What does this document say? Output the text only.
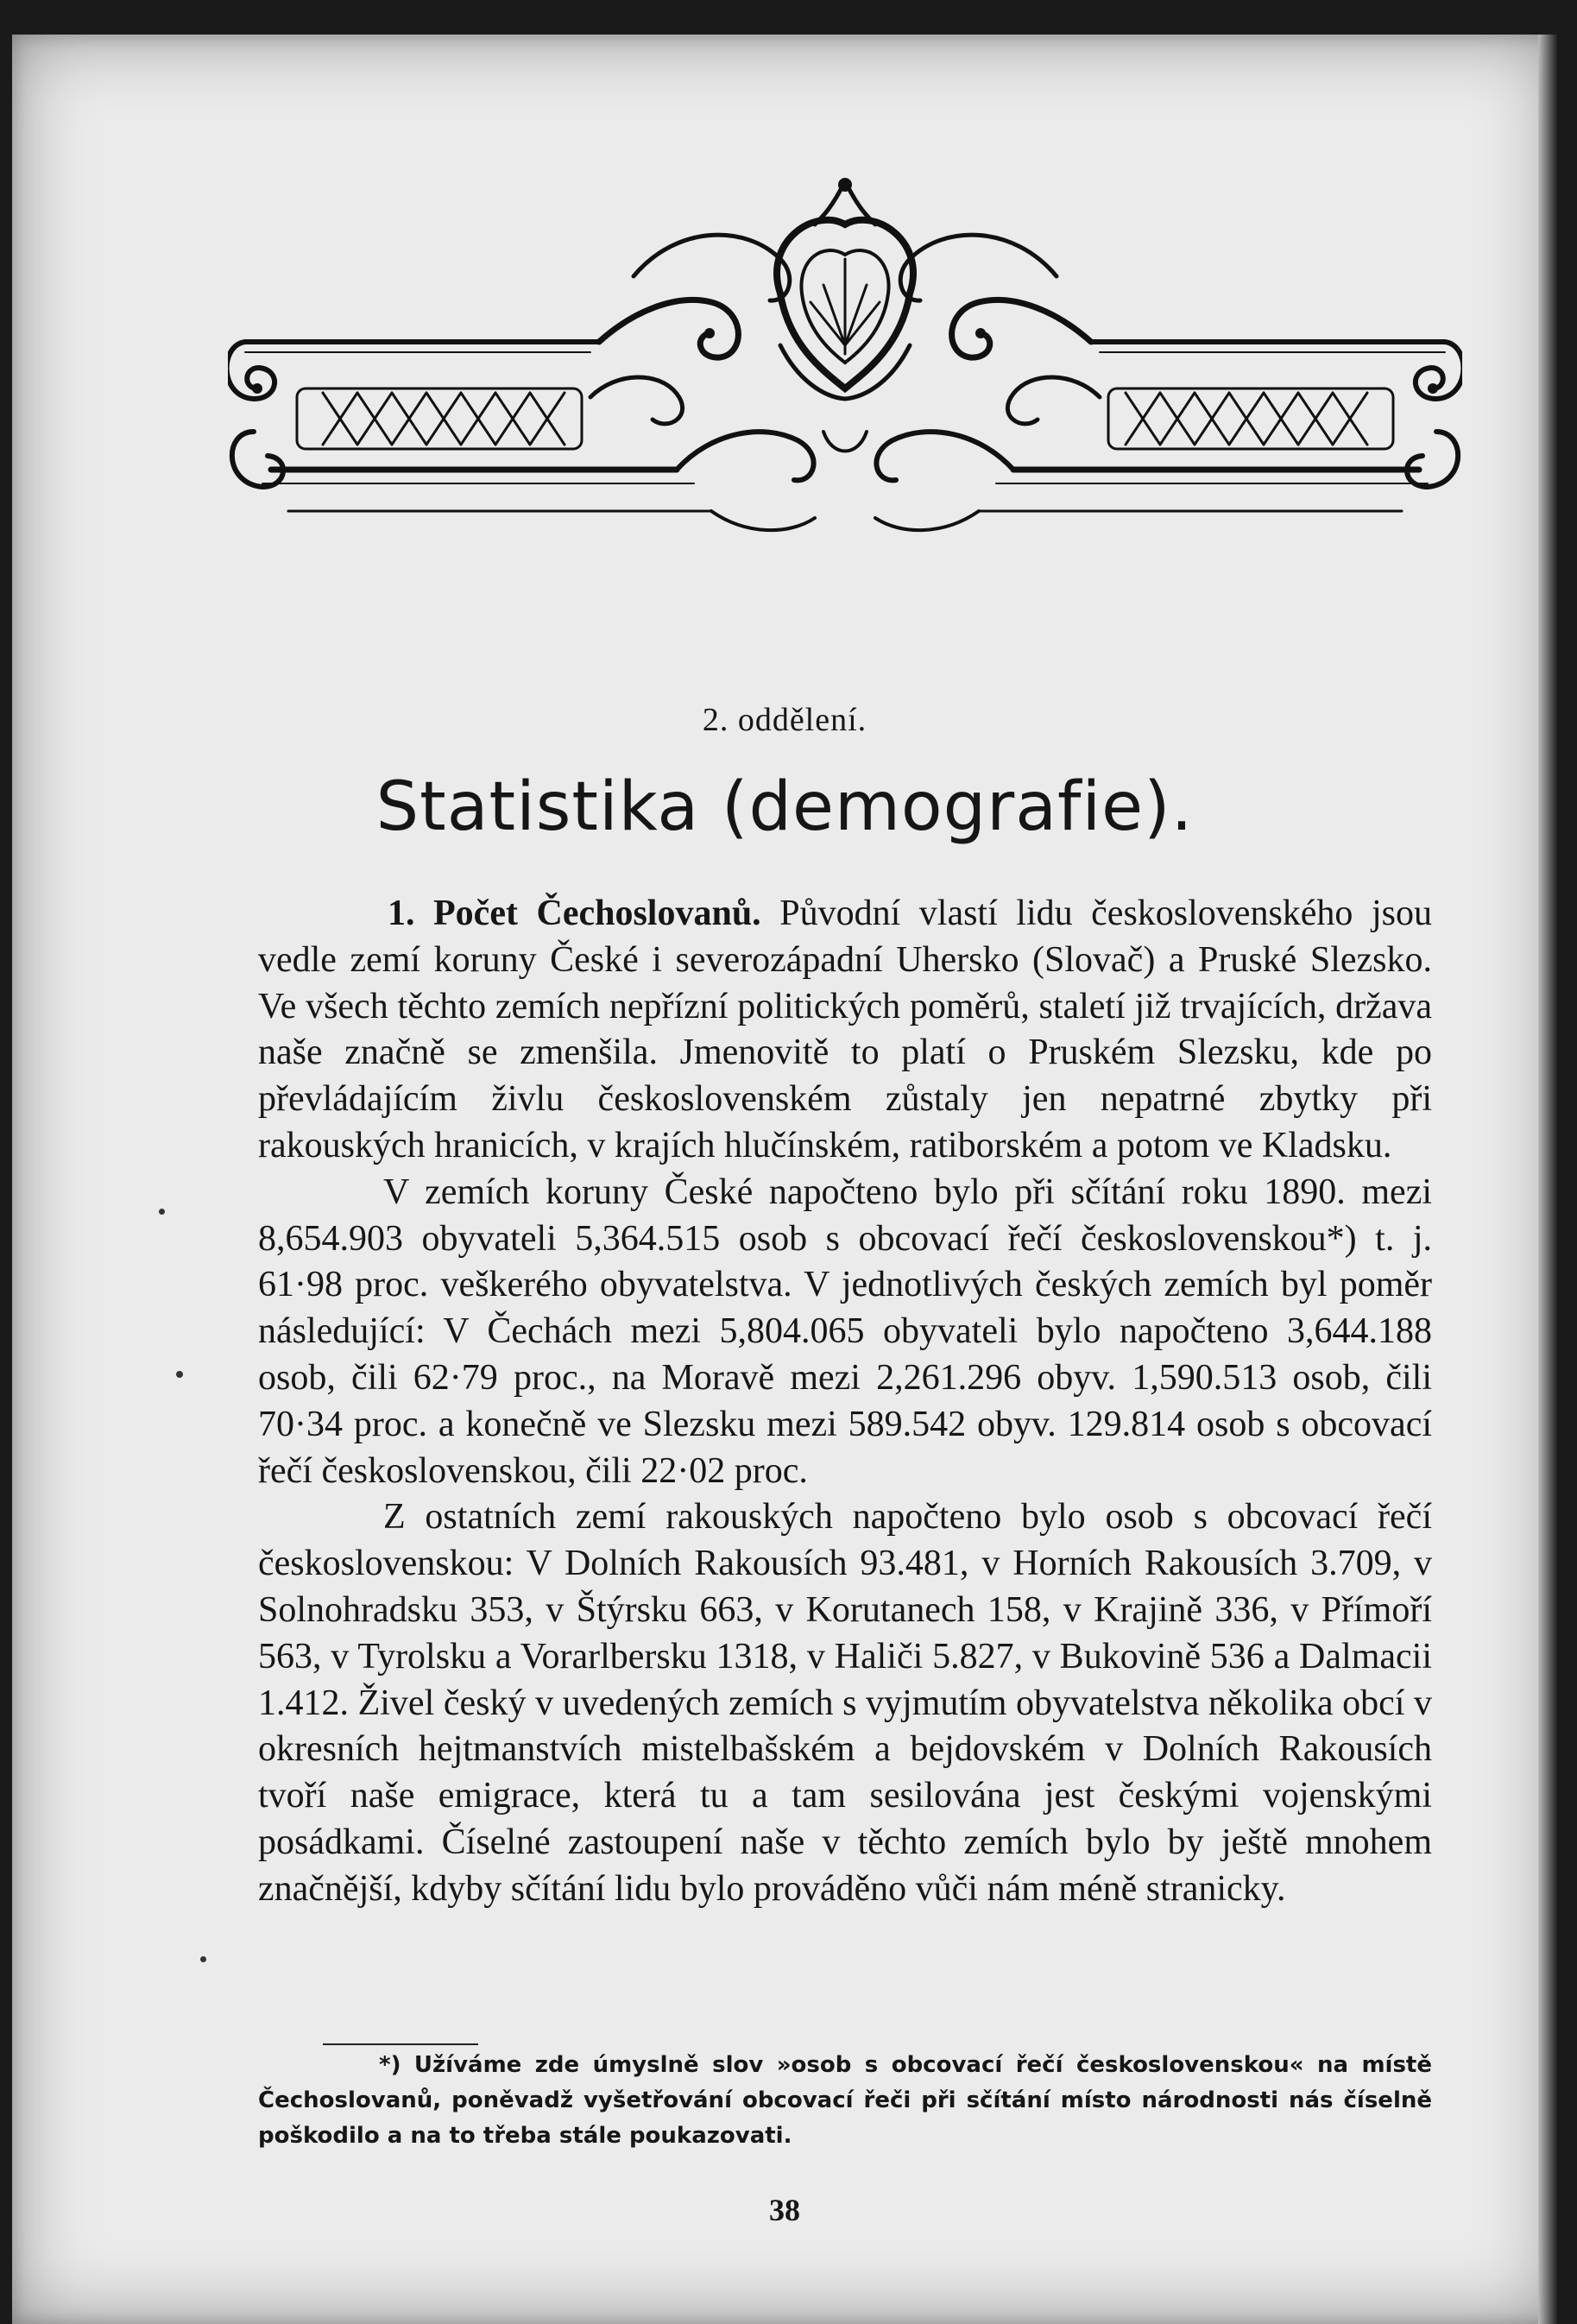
2. oddělení.

Statistika (demografie).

1. Počet Čechoslovanů. Původní vlastí lidu československého jsou vedle zemí koruny České i severozápadní Uhersko (Slovač) a Pruské Slezsko. Ve všech těchto zemích nepřízní politických poměrů, staletí již trvajících, država naše značně se zmenšila. Jmenovitě to platí o Pruském Slezsku, kde po převládajícím živlu československém zůstaly jen nepatrné zbytky při rakouských hranicích, v krajích hlučínském, ratiborském a potom ve Kladsku.

V zemích koruny České napočteno bylo při sčítání roku 1890. mezi 8,654.903 obyvateli 5,364.515 osob s obcovací řečí československou*) t. j. 61·98 proc. veškerého obyvatelstva. V jednotlivých českých zemích byl poměr následující: V Čechách mezi 5,804.065 obyvateli bylo napočteno 3,644.188 osob, čili 62·79 proc., na Moravě mezi 2,261.296 obyv. 1,590.513 osob, čili 70·34 proc. a konečně ve Slezsku mezi 589.542 obyv. 129.814 osob s obcovací řečí československou, čili 22·02 proc.

Z ostatních zemí rakouských napočteno bylo osob s obcovací řečí československou: V Dolních Rakousích 93.481, v Horních Rakousích 3.709, v Solnohradsku 353, v Štýrsku 663, v Korutanech 158, v Krajině 336, v Přímoří 563, v Tyrolsku a Vorarlbersku 1318, v Haliči 5.827, v Bukovině 536 a Dalmacii 1.412. Živel český v uvedených zemích s vyjmutím obyvatelstva několika obcí v okresních hejtmanstvích mistelbašském a bejdovském v Dolních Rakousích tvoří naše emigrace, která tu a tam sesilována jest českými vojenskými posádkami. Číselné zastoupení naše v těchto zemích bylo by ještě mnohem značnější, kdyby sčítání lidu bylo prováděno vůči nám méně stranicky.

*) Užíváme zde úmyslně slov »osob s obcovací řečí československou« na místě Čechoslovanů, poněvadž vyšetřování obcovací řeči při sčítání místo národnosti nás číselně poškodilo a na to třeba stále poukazovati.

38
